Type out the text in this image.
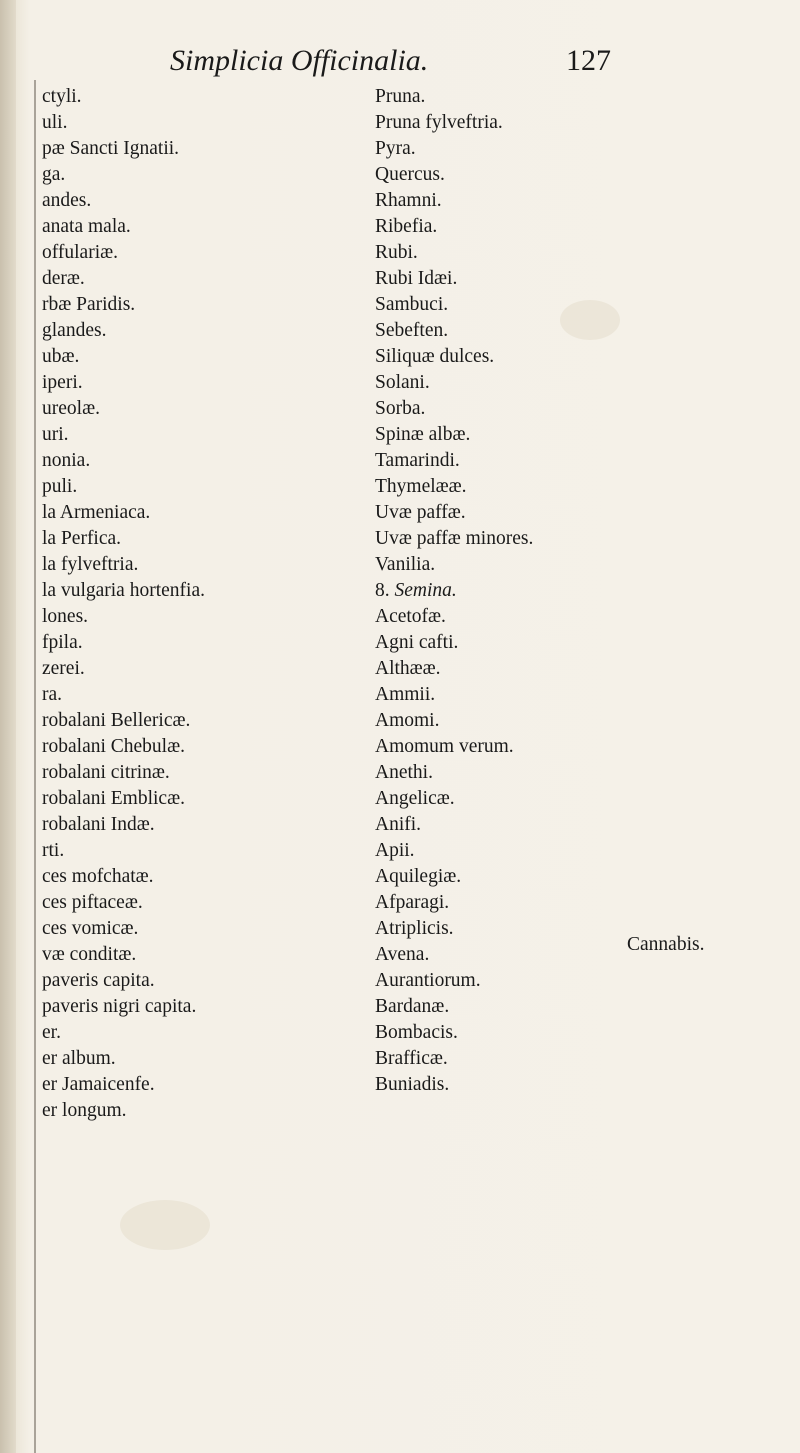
Simplicia Officinalia.	127
ctyli.
uli.
pæ Sancti Ignatii.
ga.
andes.
anata mala.
offulariæ.
deræ.
rbæ Paridis.
glandes.
ubæ.
iperi.
ureolæ.
uri.
nonia.
puli.
la Armeniaca.
la Perfica.
la fylveftria.
la vulgaria hortenfia.
lones.
fpila.
zerei.
ra.
robalani Bellericæ.
robalani Chebulæ.
robalani citrinæ.
robalani Emblicæ.
robalani Indæ.
rti.
ces mofchatæ.
ces piftaceæ.
ces vomicæ.
væ conditæ.
paveris capita.
paveris nigri capita.
er.
er album.
er Jamaicenfe.
er longum.
Pruna.
Pruna fylveftria.
Pyra.
Quercus.
Rhamni.
Ribefia.
Rubi.
Rubi Idæi.
Sambuci.
Sebeften.
Siliquæ dulces.
Solani.
Sorba.
Spinæ albæ.
Tamarindi.
Thymelææ.
Uvæ paffæ.
Uvæ paffæ minores.
Vanilia.
8. Semina.
Acetofæ.
Agni cafti.
Althææ.
Ammii.
Amomi.
Amomum verum.
Anethi.
Angelicæ.
Anifi.
Apii.
Aquilegiæ.
Afparagi.
Atriplicis.
Avena.
Aurantiorum.
Bardanæ.
Bombacis.
Brafficæ.
Buniadis.
Cannabis.
